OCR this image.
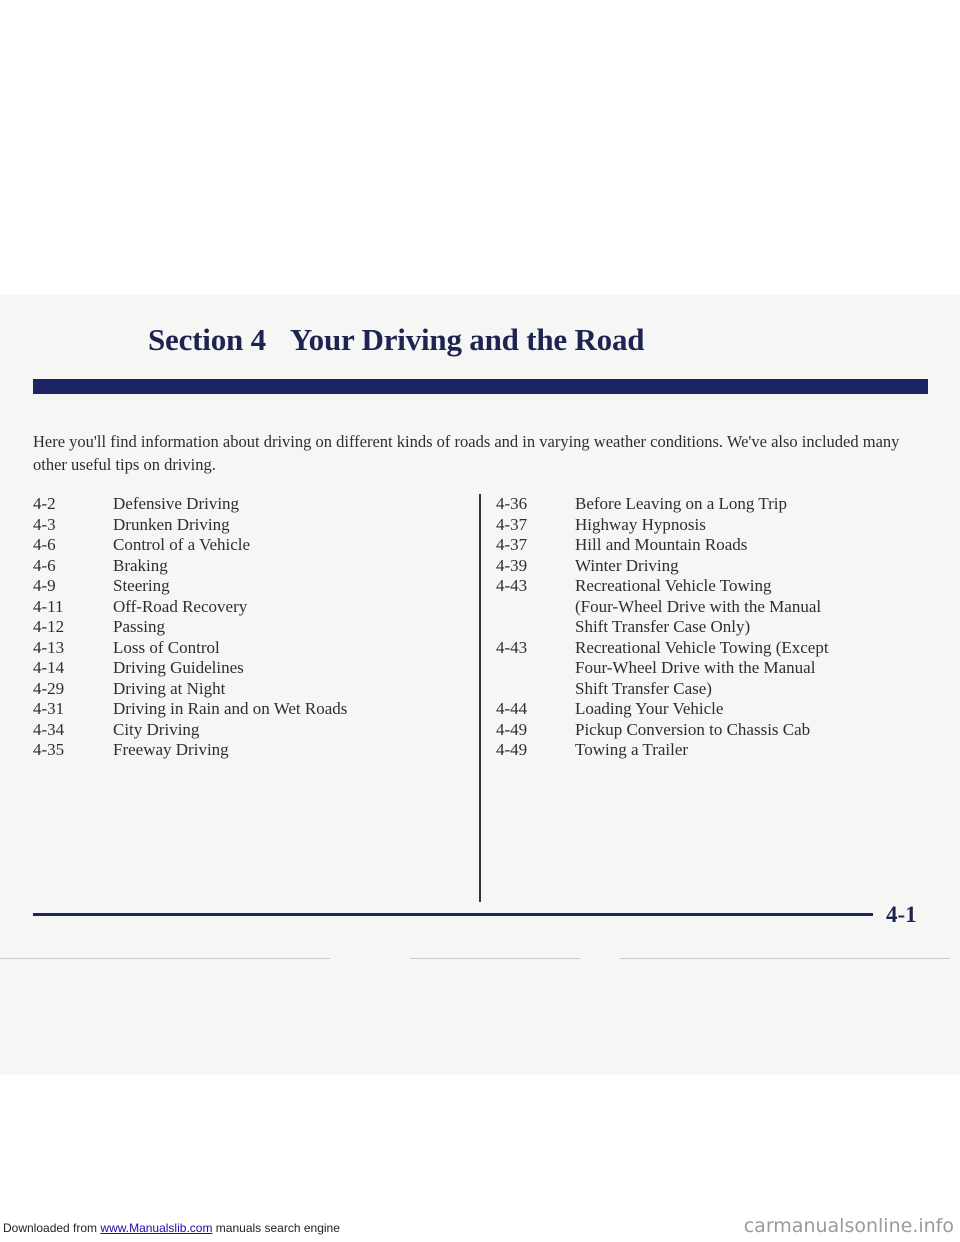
Section 4 Your Driving and the Road

Here you'll find information about driving on different kinds of roads and in varying weather conditions. We've also included many other useful tips on driving.

4-2	Defensive Driving
4-3	Drunken Driving
4-6	Control of a Vehicle
4-6	Braking
4-9	Steering
4-11	Off-Road Recovery
4-12	Passing
4-13	Loss of Control
4-14	Driving Guidelines
4-29	Driving at Night
4-31	Driving in Rain and on Wet Roads
4-34	City Driving
4-35	Freeway Driving
4-36	Before Leaving on a Long Trip
4-37	Highway Hypnosis
4-37	Hill and Mountain Roads
4-39	Winter Driving
4-43	Recreational Vehicle Towing
(Four-Wheel Drive with the Manual
Shift Transfer Case Only)
4-43	Recreational Vehicle Towing (Except
Four-Wheel Drive with the Manual
Shift Transfer Case)
4-44	Loading Your Vehicle
4-49	Pickup Conversion to Chassis Cab
4-49	Towing a Trailer
4-1
Downloaded from www.Manualslib.com manuals search engine	carmanualsonline.info
